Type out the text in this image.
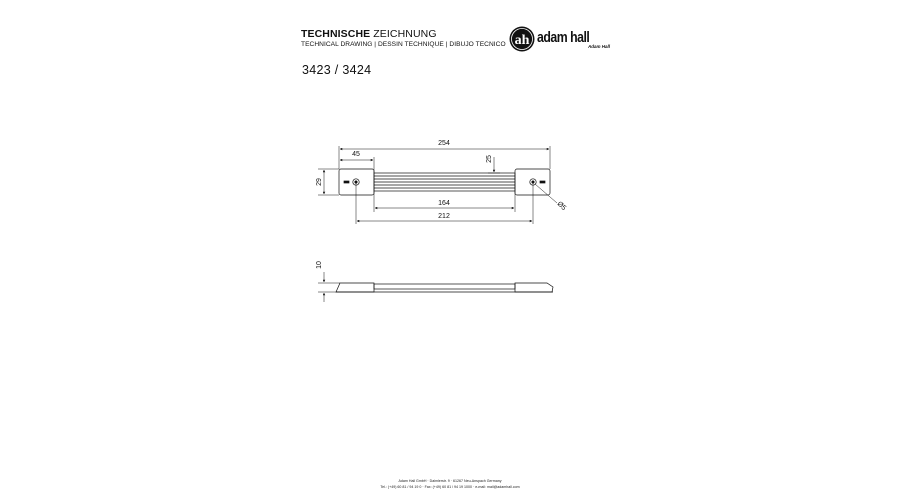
TECHNISCHE ZEICHNUNG
TECHNICAL DRAWING | DESSIN TECHNIQUE | DIBUJO TECNICO
3423 / 3424
ah adam hall
Adam Hall
254
45
29
25
164
212
Ø5
10
Adam Hall GmbH · Daimlerstr. 9 · 61267 Neu-Anspach Germany
Tel.: (+49) 60 81 / 94 19 0 · Fax: (+49) 60 81 / 94 19 1000 · e-mail: mail@adamhall.com
